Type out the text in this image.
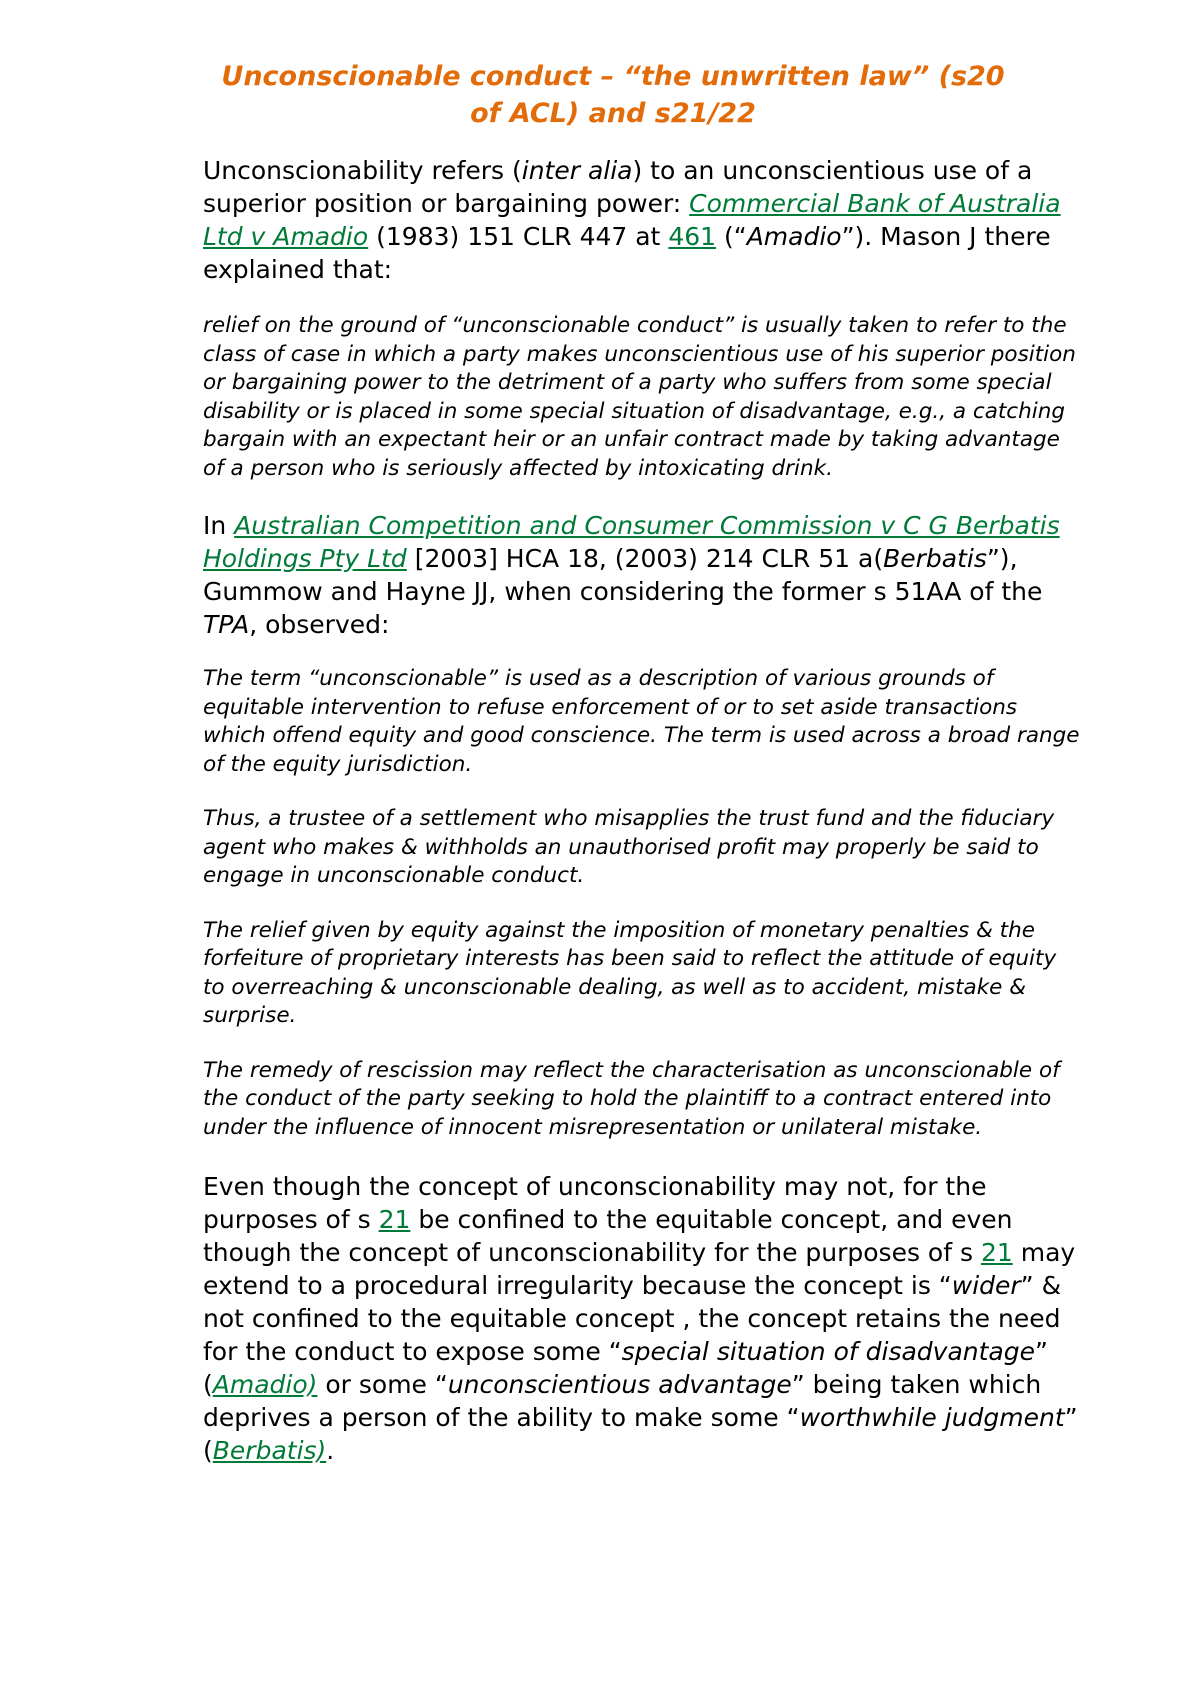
Unconscionable conduct – “the unwritten law” (s20
of ACL) and s21/22

Unconscionability refers (inter alia) to an unconscientious use of a superior position or bargaining power: Commercial Bank of Australia Ltd v Amadio (1983) 151 CLR 447 at 461 (“Amadio”). Mason J there explained that:

relief on the ground of “unconscionable conduct” is usually taken to refer to the class of case in which a party makes unconscientious use of his superior position or bargaining power to the detriment of a party who suffers from some special disability or is placed in some special situation of disadvantage, e.g., a catching bargain with an expectant heir or an unfair contract made by taking advantage of a person who is seriously affected by intoxicating drink.

In Australian Competition and Consumer Commission v C G Berbatis Holdings Pty Ltd [2003] HCA 18, (2003) 214 CLR 51 a(Berbatis”), Gummow and Hayne JJ, when considering the former s 51AA of the TPA, observed:

The term “unconscionable” is used as a description of various grounds of equitable intervention to refuse enforcement of or to set aside transactions which offend equity and good conscience. The term is used across a broad range of the equity jurisdiction.

Thus, a trustee of a settlement who misapplies the trust fund and the fiduciary agent who makes & withholds an unauthorised profit may properly be said to engage in unconscionable conduct.

The relief given by equity against the imposition of monetary penalties & the forfeiture of proprietary interests has been said to reflect the attitude of equity to overreaching & unconscionable dealing, as well as to accident, mistake & surprise.

The remedy of rescission may reflect the characterisation as unconscionable of the conduct of the party seeking to hold the plaintiff to a contract entered into under the influence of innocent misrepresentation or unilateral mistake.

Even though the concept of unconscionability may not, for the purposes of s 21 be confined to the equitable concept, and even though the concept of unconscionability for the purposes of s 21 may extend to a procedural irregularity because the concept is “wider” & not confined to the equitable concept , the concept retains the need for the conduct to expose some “special situation of disadvantage” (Amadio) or some “unconscientious advantage” being taken which deprives a person of the ability to make some “worthwhile judgment” (Berbatis).
